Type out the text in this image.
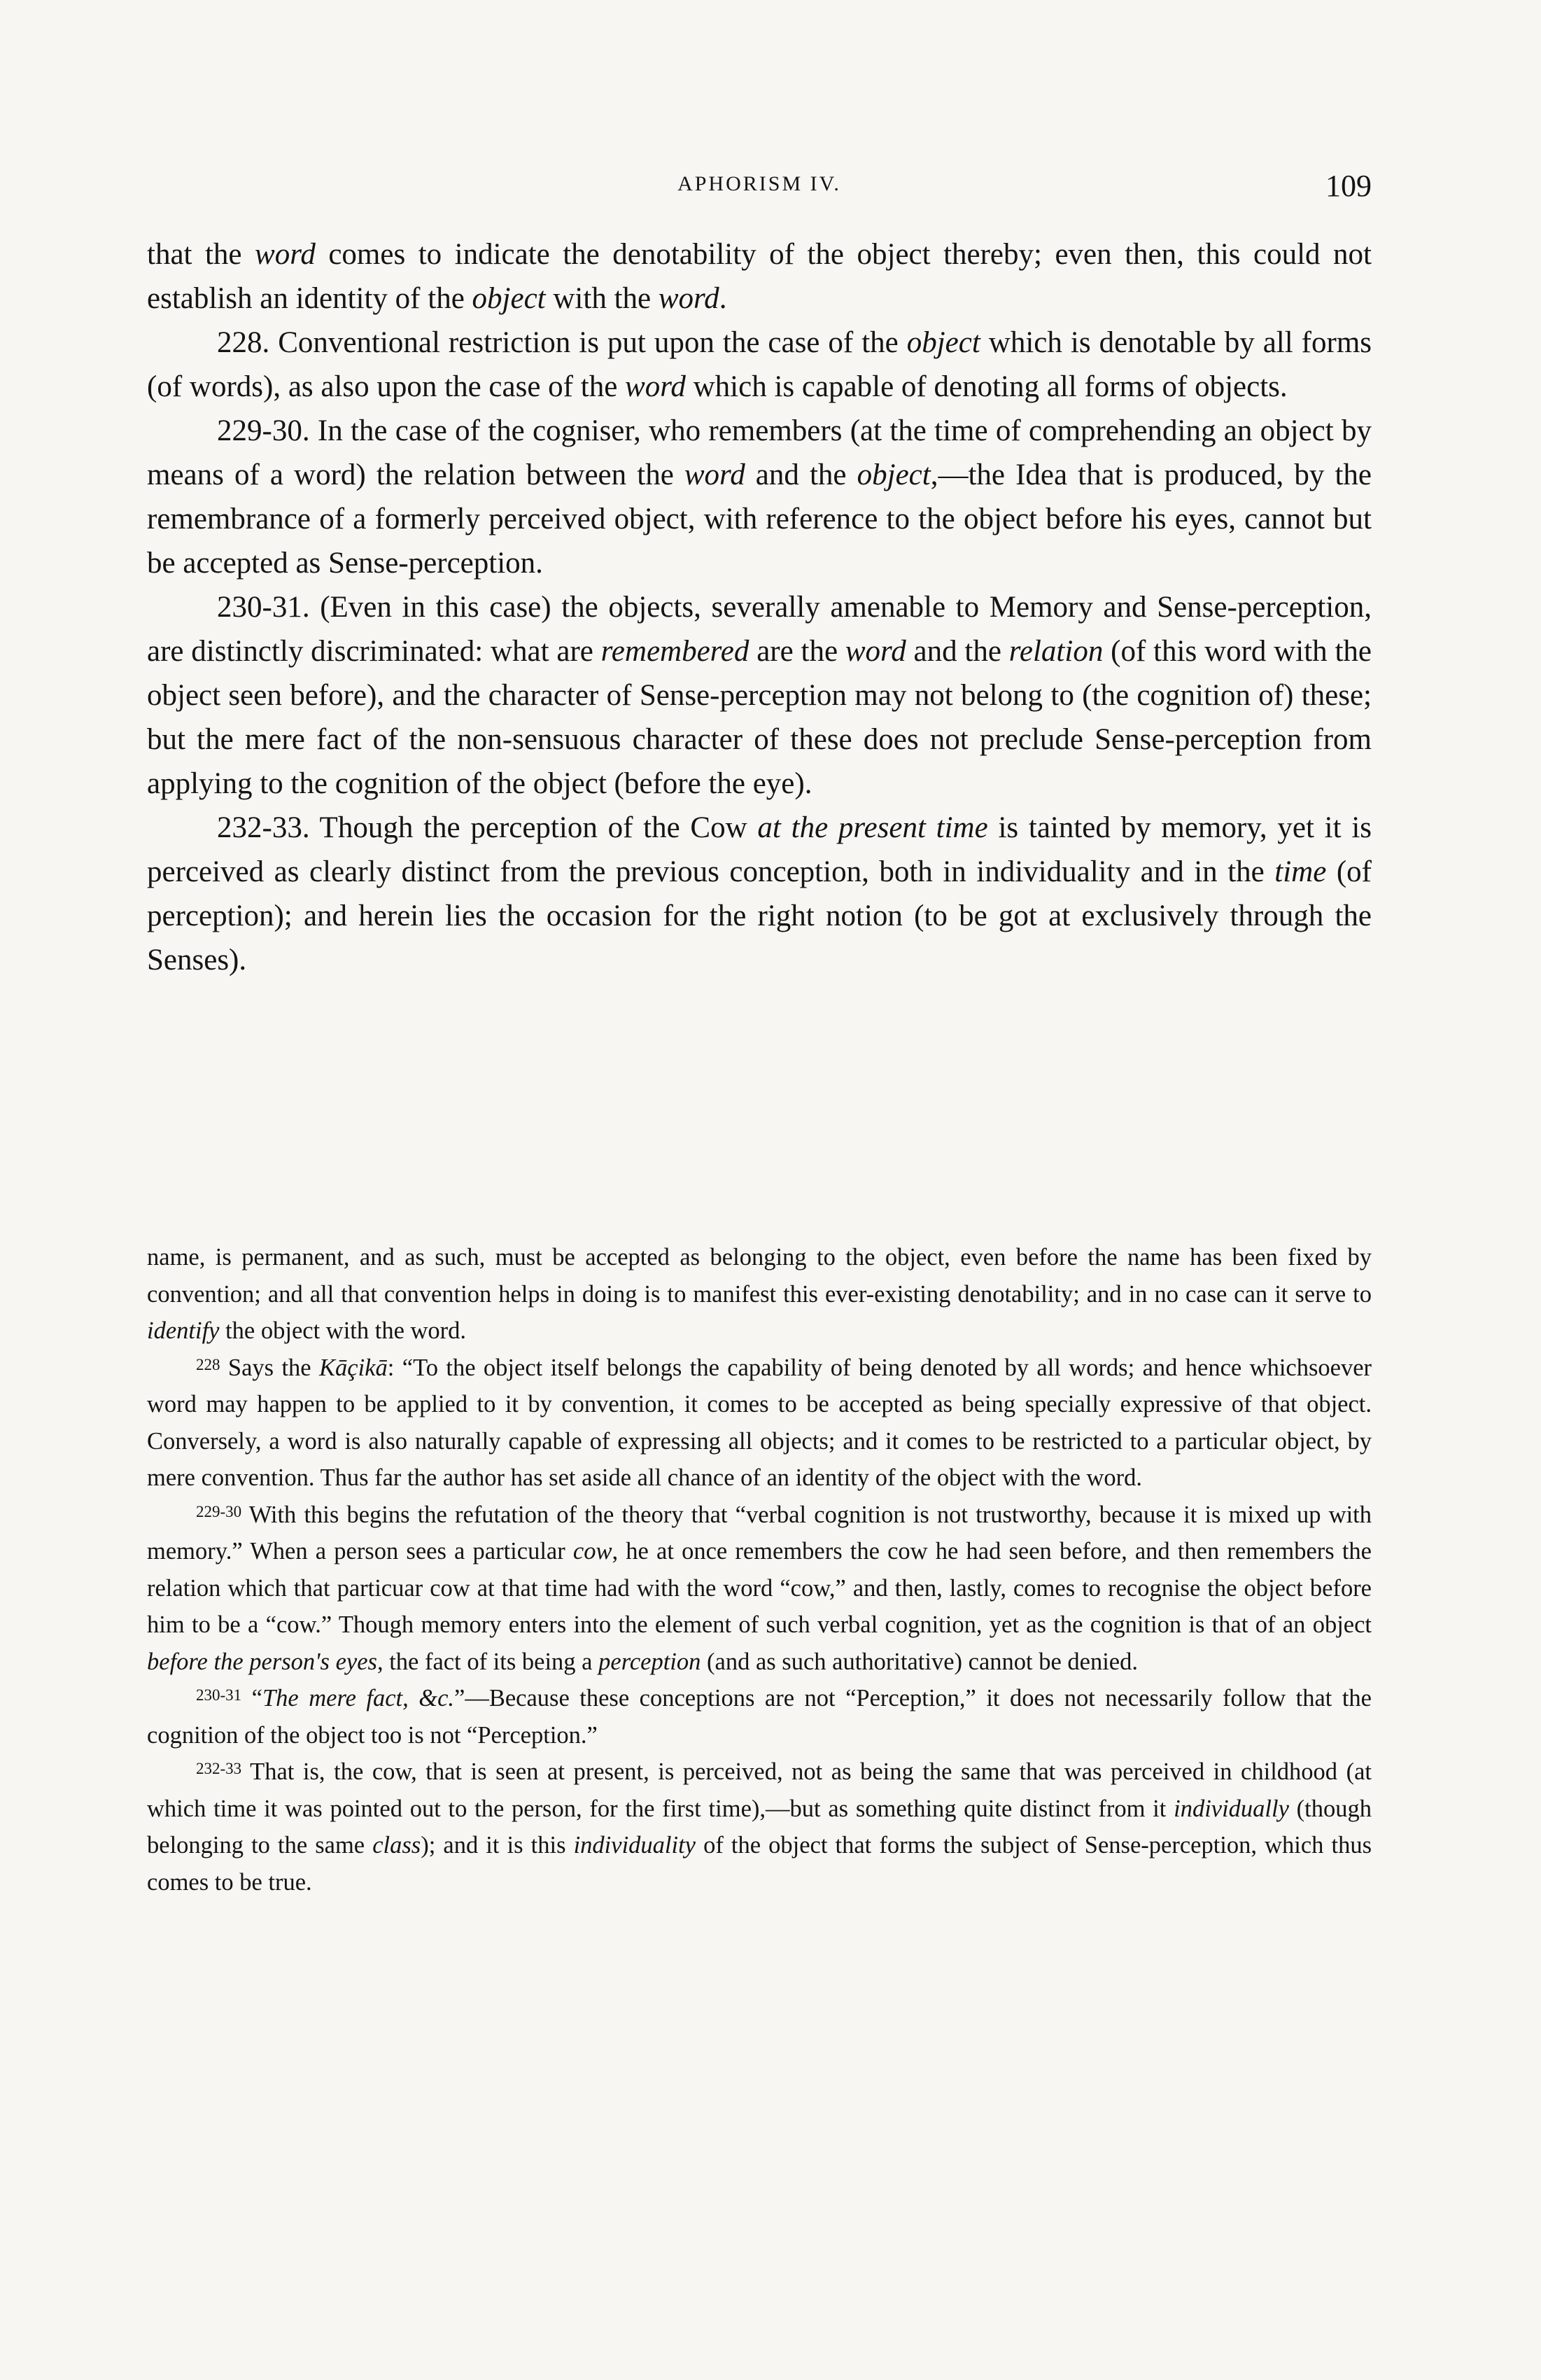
APHORISM IV.	109

that the word comes to indicate the denotability of the object thereby; even then, this could not establish an identity of the object with the word.

228. Conventional restriction is put upon the case of the object which is denotable by all forms (of words), as also upon the case of the word which is capable of denoting all forms of objects.

229-30. In the case of the cogniser, who remembers (at the time of comprehending an object by means of a word) the relation between the word and the object,—the Idea that is produced, by the remembrance of a formerly perceived object, with reference to the object before his eyes, cannot but be accepted as Sense-perception.

230-31. (Even in this case) the objects, severally amenable to Memory and Sense-perception, are distinctly discriminated: what are remembered are the word and the relation (of this word with the object seen before), and the character of Sense-perception may not belong to (the cognition of) these; but the mere fact of the non-sensuous character of these does not preclude Sense-perception from applying to the cognition of the object (before the eye).

232-33. Though the perception of the Cow at the present time is tainted by memory, yet it is perceived as clearly distinct from the previous conception, both in individuality and in the time (of perception); and herein lies the occasion for the right notion (to be got at exclusively through the Senses).

name, is permanent, and as such, must be accepted as belonging to the object, even before the name has been fixed by convention; and all that convention helps in doing is to manifest this ever-existing denotability; and in no case can it serve to identify the object with the word.

$^{228}$ Says the Kāçikā: “To the object itself belongs the capability of being denoted by all words; and hence whichsoever word may happen to be applied to it by convention, it comes to be accepted as being specially expressive of that object. Conversely, a word is also naturally capable of expressing all objects; and it comes to be restricted to a particular object, by mere convention. Thus far the author has set aside all chance of an identity of the object with the word.

$^{229-30}$ With this begins the refutation of the theory that “verbal cognition is not trustworthy, because it is mixed up with memory.” When a person sees a particular cow, he at once remembers the cow he had seen before, and then remembers the relation which that particuar cow at that time had with the word “cow,” and then, lastly, comes to recognise the object before him to be a “cow.” Though memory enters into the element of such verbal cognition, yet as the cognition is that of an object before the person's eyes, the fact of its being a perception (and as such authoritative) cannot be denied.

$^{230-31}$ “The mere fact, &c.”—Because these conceptions are not “Perception,” it does not necessarily follow that the cognition of the object too is not “Perception.”

$^{232-33}$ That is, the cow, that is seen at present, is perceived, not as being the same that was perceived in childhood (at which time it was pointed out to the person, for the first time),—but as something quite distinct from it individually (though belonging to the same class); and it is this individuality of the object that forms the subject of Sense-perception, which thus comes to be true.
